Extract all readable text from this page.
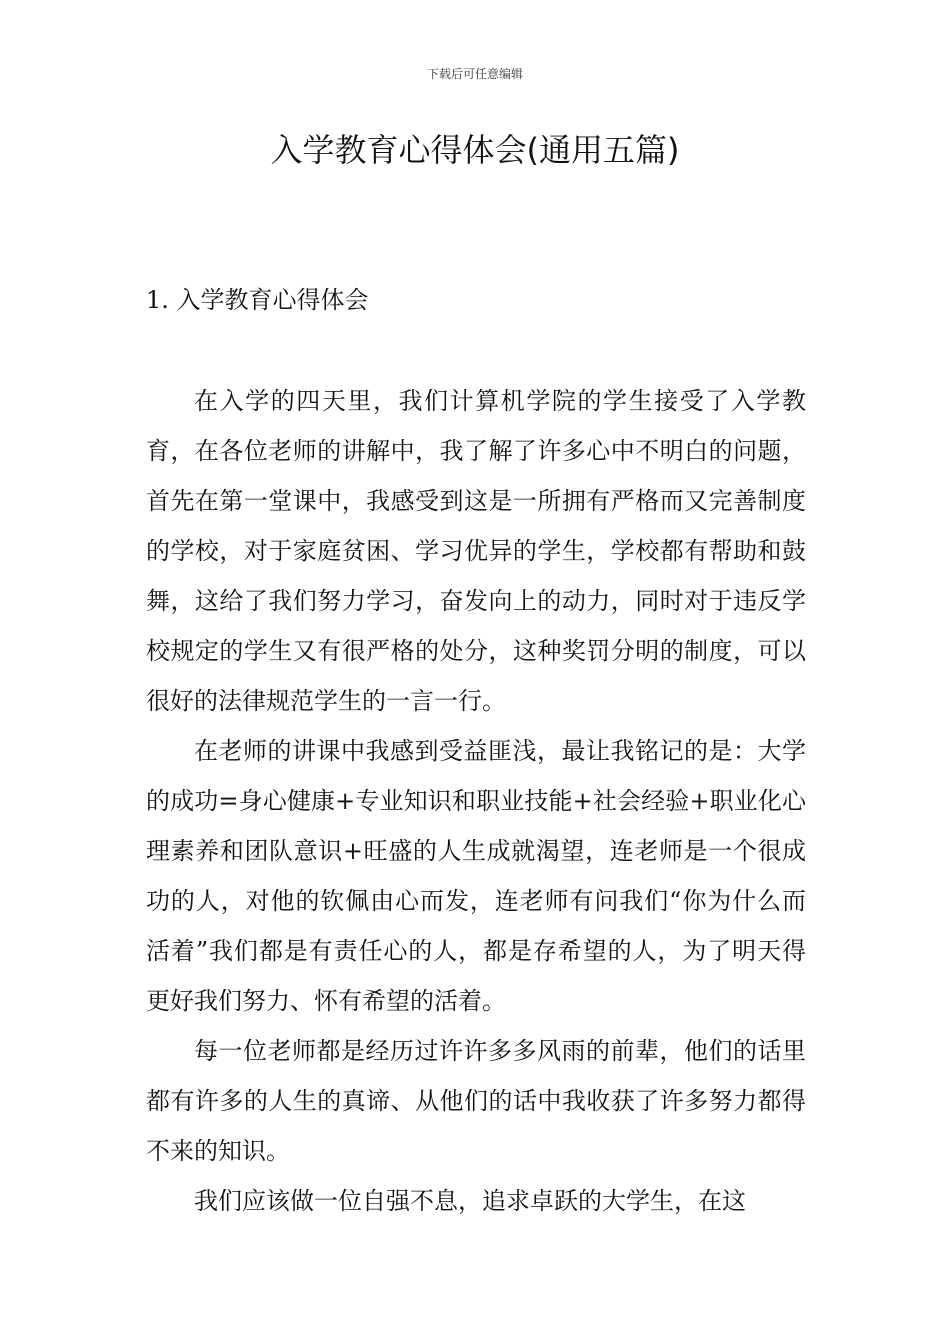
下载后可任意编辑
入学教育心得体会(通用五篇)
1. 入学教育心得体会

在入学的四天里，我们计算机学院的学生接受了入学教育，在各位老师的讲解中，我了解了许多心中不明白的问题，首先在第一堂课中，我感受到这是一所拥有严格而又完善制度的学校，对于家庭贫困、学习优异的学生，学校都有帮助和鼓舞，这给了我们努力学习，奋发向上的动力，同时对于违反学校规定的学生又有很严格的处分，这种奖罚分明的制度，可以很好的法律规范学生的一言一行。

在老师的讲课中我感到受益匪浅，最让我铭记的是：大学的成功=身心健康+专业知识和职业技能+社会经验+职业化心理素养和团队意识+旺盛的人生成就渴望，连老师是一个很成功的人，对他的钦佩由心而发，连老师有问我们“你为什么而活着”我们都是有责任心的人，都是存希望的人，为了明天得更好我们努力、怀有希望的活着。

每一位老师都是经历过许许多多风雨的前辈，他们的话里都有许多的人生的真谛、从他们的话中我收获了许多努力都得不来的知识。

我们应该做一位自强不息，追求卓跃的大学生，在这
